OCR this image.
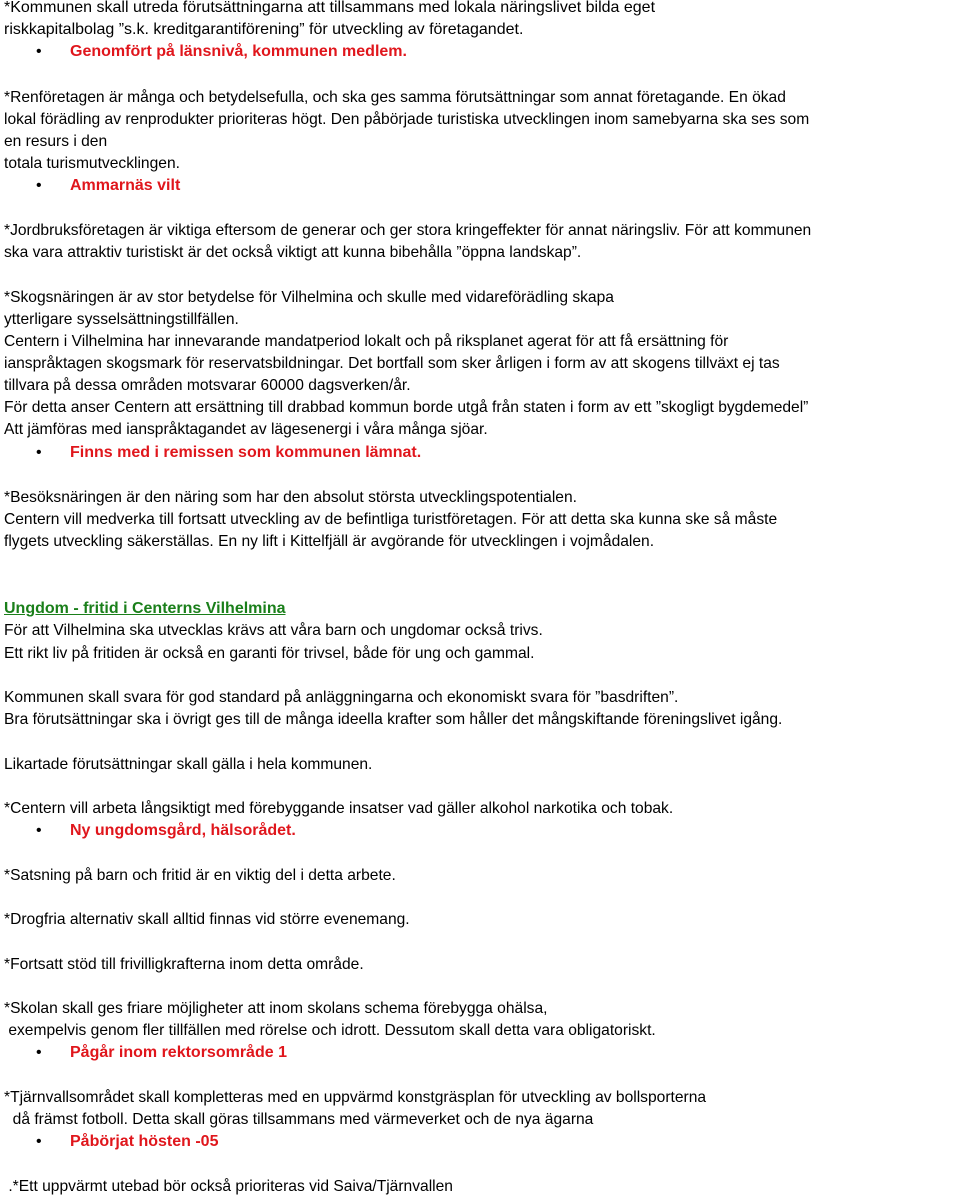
*Kommunen skall utreda förutsättningarna att tillsammans med lokala näringslivet bilda eget
riskkapitalbolag ”s.k. kreditgarantiförening” för utveckling av företagandet.
• Genomfört på länsnivå, kommunen medlem.
*Renföretagen är många och betydelsefulla, och ska ges samma förutsättningar som annat företagande. En ökad
lokal förädling av renprodukter prioriteras högt. Den påbörjade turistiska utvecklingen inom samebyarna ska ses som
en resurs i den
totala turismutvecklingen.
• Ammarnäs vilt
*Jordbruksföretagen är viktiga eftersom de generar och ger stora kringeffekter för annat näringsliv. För att kommunen
ska vara attraktiv turistiskt är det också viktigt att kunna bibehålla ”öppna landskap”.
*Skogsnäringen är av stor betydelse för Vilhelmina och skulle med vidareförädling skapa
ytterligare sysselsättningstillfällen.
Centern i Vilhelmina har innevarande mandatperiod lokalt och på riksplanet agerat för att få ersättning för
ianspråktagen skogsmark för reservatsbildningar. Det bortfall som sker årligen i form av att skogens tillväxt ej tas
tillvara på dessa områden motsvarar 60000 dagsverken/år.
För detta anser Centern att ersättning till drabbad kommun borde utgå från staten i form av ett ”skogligt bygdemedel”
Att jämföras med ianspråktagandet av lägesenergi i våra många sjöar.
• Finns med i remissen som kommunen lämnat.
*Besöksnäringen är den näring som har den absolut största utvecklingspotentialen.
Centern vill medverka till fortsatt utveckling av de befintliga turistföretagen. För att detta ska kunna ske så måste
flygets utveckling säkerställas. En ny lift i Kittelfjäll är avgörande för utvecklingen i vojmådalen.
Ungdom - fritid i Centerns Vilhelmina
För att Vilhelmina ska utvecklas krävs att våra barn och ungdomar också trivs.
Ett rikt liv på fritiden är också en garanti för trivsel, både för ung och gammal.
Kommunen skall svara för god standard på anläggningarna och ekonomiskt svara för ”basdriften”.
Bra förutsättningar ska i övrigt ges till de många ideella krafter som håller det mångskiftande föreningslivet igång.
Likartade förutsättningar skall gälla i hela kommunen.
*Centern vill arbeta långsiktigt med förebyggande insatser vad gäller alkohol narkotika och tobak.
• Ny ungdomsgård, hälsorådet.
*Satsning på barn och fritid är en viktig del i detta arbete.
*Drogfria alternativ skall alltid finnas vid större evenemang.
*Fortsatt stöd till frivilligkrafterna inom detta område.
*Skolan skall ges friare möjligheter att inom skolans schema förebygga ohälsa,
exempelvis genom fler tillfällen med rörelse och idrott. Dessutom skall detta vara obligatoriskt.
• Pågår inom rektorsområde 1
*Tjärnvallsområdet skall kompletteras med en uppvärmd konstgräsplan för utveckling av bollsporterna
då främst fotboll. Detta skall göras tillsammans med värmeverket och de nya ägarna
• Påbörjat hösten -05
.*Ett uppvärmt utebad bör också prioriteras vid Saiva/Tjärnvallen
